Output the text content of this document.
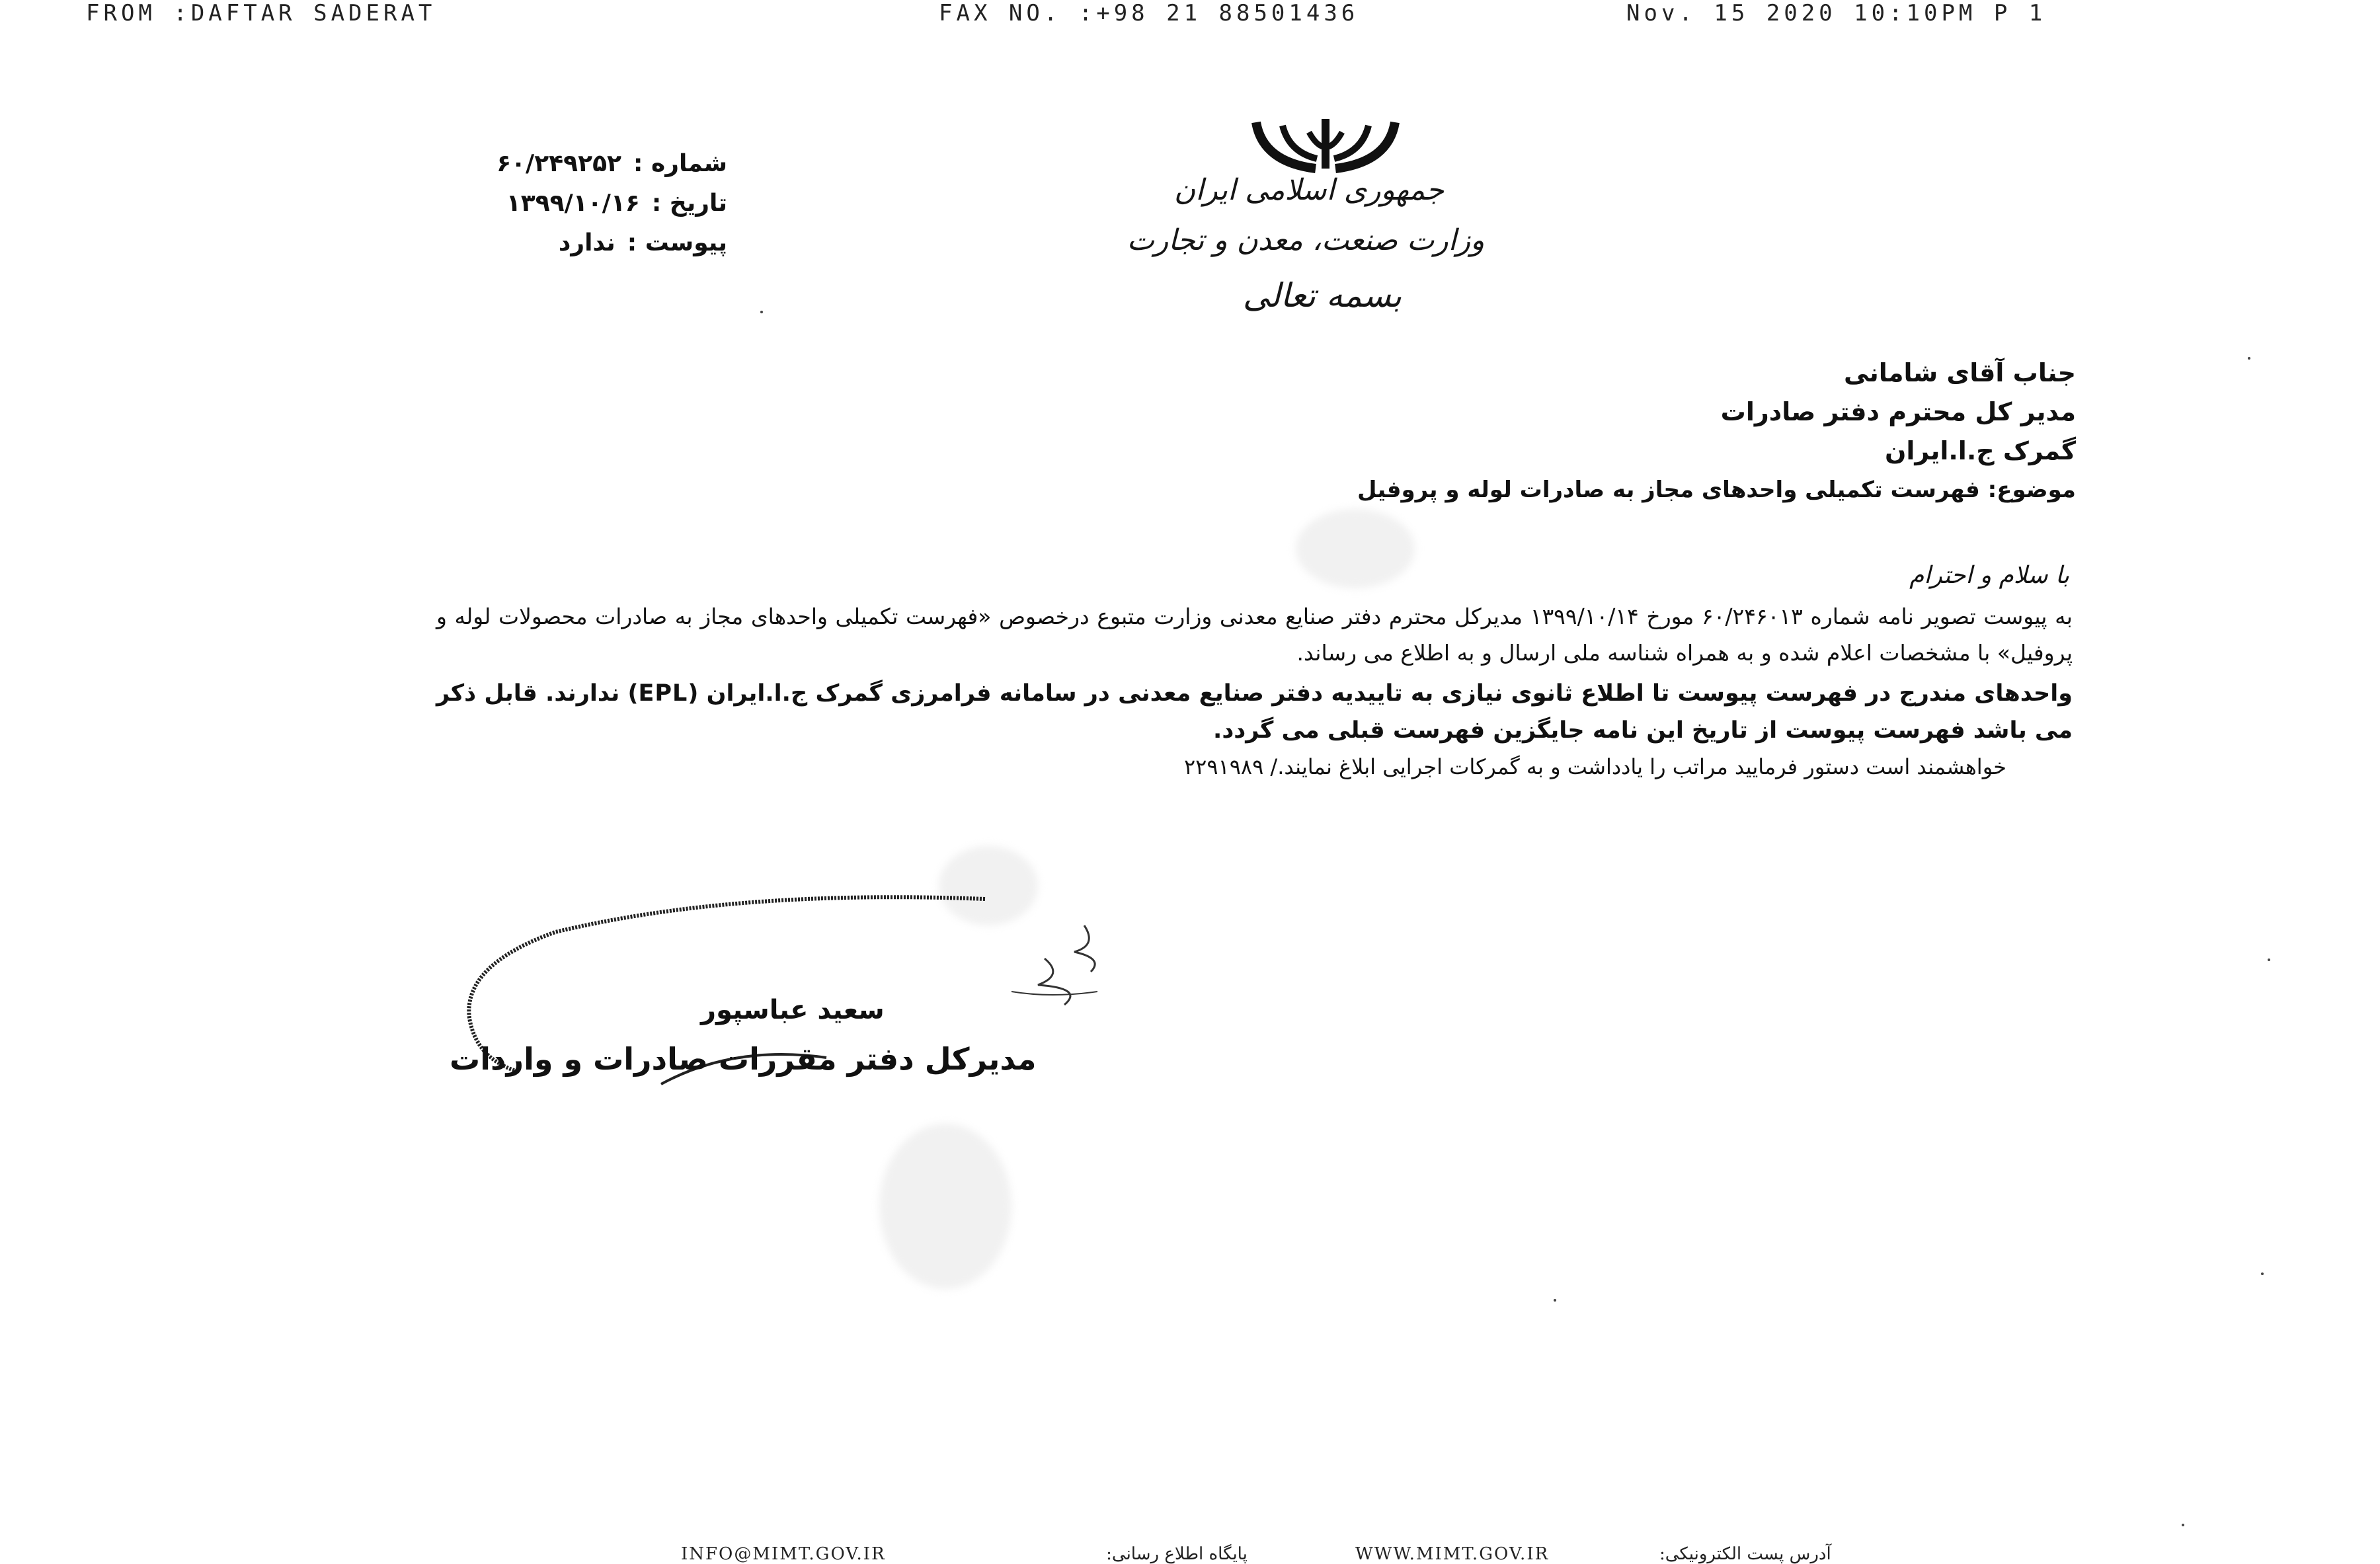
FROM :DAFTAR SADERAT	FAX NO. :+98 21 88501436	Nov. 15 2020 10:10PM P 1
جمهوری اسلامی ایران
وزارت صنعت، معدن و تجارت
بسمه تعالی
شماره :۶۰/۲۴۹۲۵۲
تاریخ :۱۳۹۹/۱۰/۱۶
پیوست :ندارد
جناب آقای شامانی
مدیر کل محترم دفتر صادرات
گمرک ج.ا.ایران
موضوع: فهرست تکمیلی واحدهای مجاز به صادرات لوله و پروفیل
با سلام و احترام
به پیوست تصویر نامه شماره ۶۰/۲۴۶۰۱۳ مورخ ۱۳۹۹/۱۰/۱۴ مدیرکل محترم دفتر صنایع معدنی وزارت متبوع درخصوص «فهرست تکمیلی واحدهای مجاز به صادرات محصولات لوله و پروفیل» با مشخصات اعلام شده و به همراه شناسه ملی ارسال و به اطلاع می رساند.
واحدهای مندرج در فهرست پیوست تا اطلاع ثانوی نیازی به تاییدیه دفتر صنایع معدنی در سامانه فرامرزی گمرک ج.ا.ایران (EPL) ندارند. قابل ذکر می باشد فهرست پیوست از تاریخ این نامه جایگزین فهرست قبلی می گردد.
خواهشمند است دستور فرمایید مراتب را یادداشت و به گمرکات اجرایی ابلاغ نمایند./ ۲۲۹۱۹۸۹
سعید عباسپور
مدیرکل دفتر مقررات صادرات و واردات
INFO@MIMT.GOV.IR	پایگاه اطلاع رسانی:	WWW.MIMT.GOV.IR	آدرس پست الکترونیکی:
